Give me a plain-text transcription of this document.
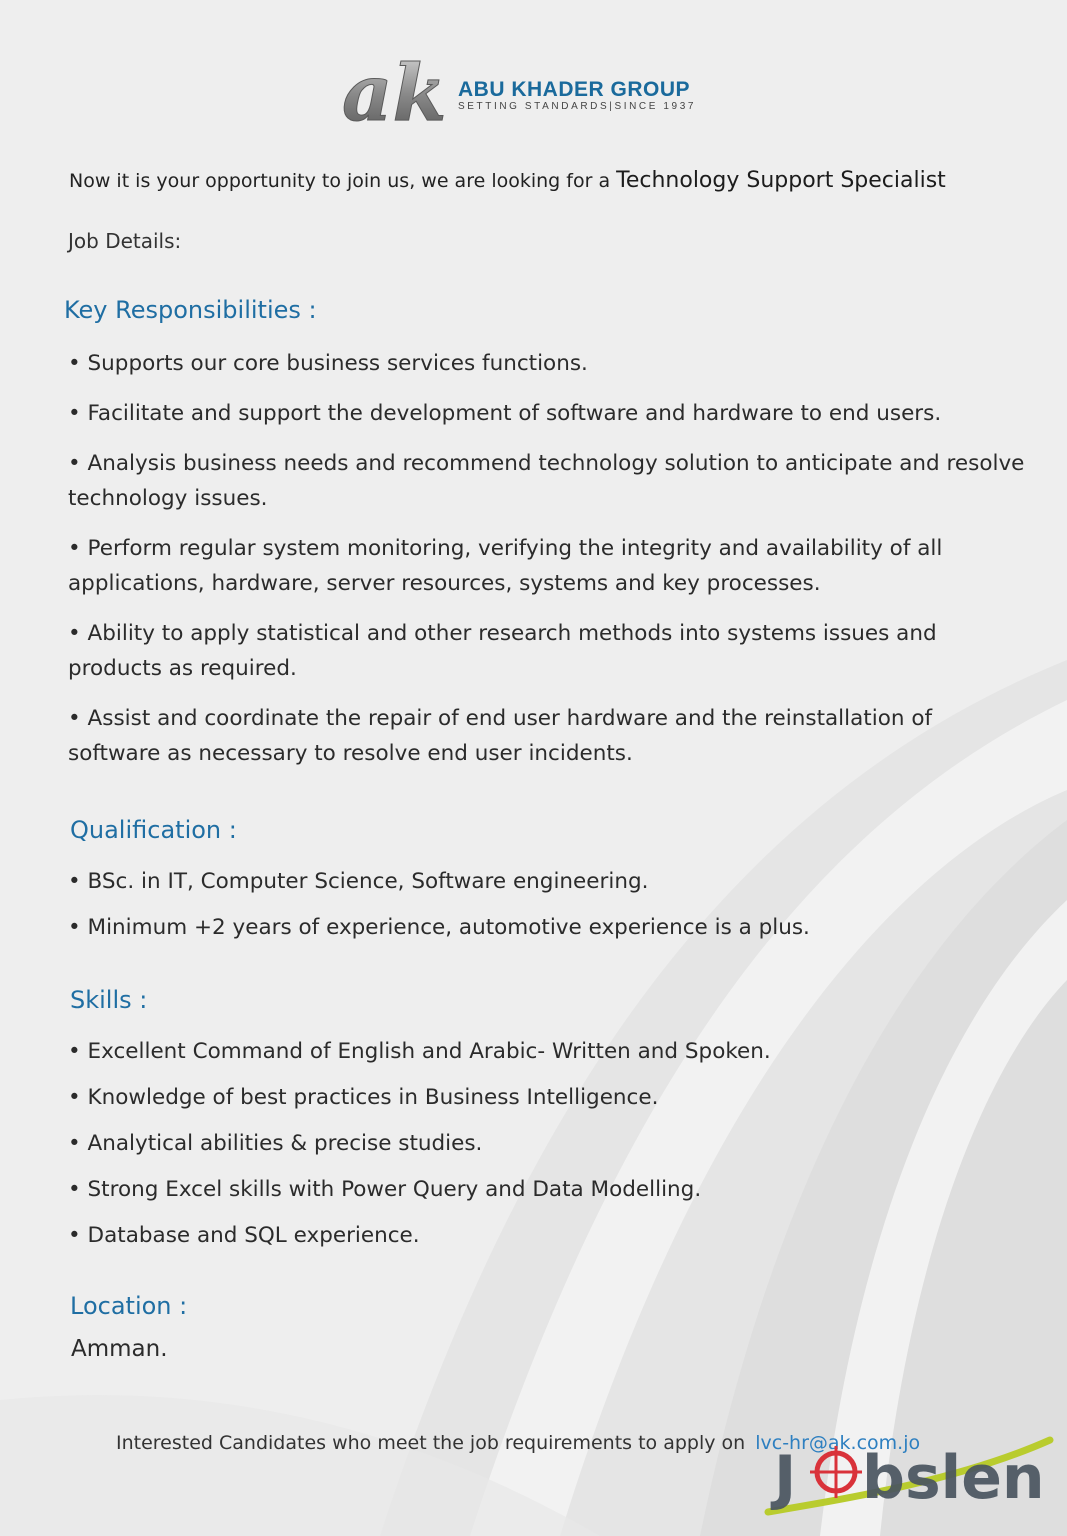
ak ABU KHADER GROUP
SETTING STANDARDS|SINCE 1937
Now it is your opportunity to join us, we are looking for a Technology Support Specialist
Job Details:
Key Responsibilities :
• Supports our core business services functions.
• Facilitate and support the development of software and hardware to end users.
• Analysis business needs and recommend technology solution to anticipate and resolve technology issues.
• Perform regular system monitoring, verifying the integrity and availability of all applications, hardware, server resources, systems and key processes.
• Ability to apply statistical and other research methods into systems issues and products as required.
• Assist and coordinate the repair of end user hardware and the reinstallation of software as necessary to resolve end user incidents.
Qualification :
• BSc. in IT, Computer Science, Software engineering.
• Minimum +2 years of experience, automotive experience is a plus.
Skills :
• Excellent Command of English and Arabic- Written and Spoken.
• Knowledge of best practices in Business Intelligence.
• Analytical abilities & precise studies.
• Strong Excel skills with Power Query and Data Modelling.
• Database and SQL experience.
Location :
Amman.
Interested Candidates who meet the job requirements to apply on lvc-hr@ak.com.jo
J bslen
